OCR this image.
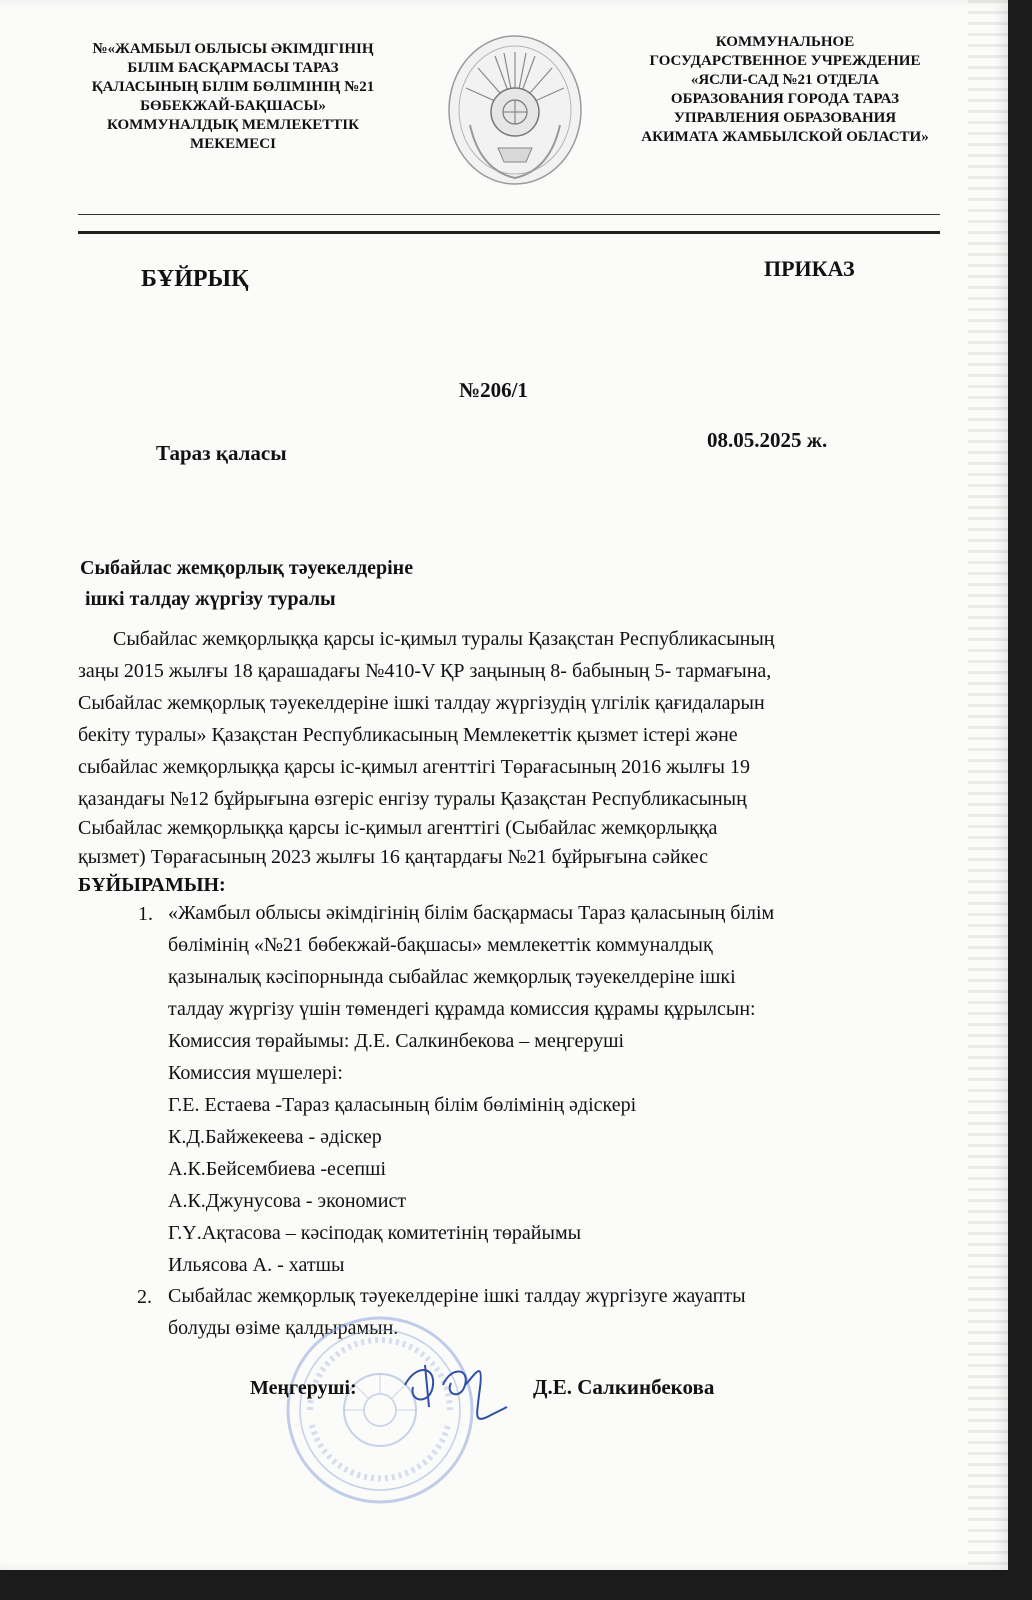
№«ЖАМБЫЛ ОБЛЫСЫ ӘКІМДІГІНІҢ
БІЛІМ БАСҚАРМАСЫ ТАРАЗ
ҚАЛАСЫНЫҢ БІЛІМ БӨЛІМІНІҢ №21
БӨБЕКЖАЙ-БАҚШАСЫ»
КОММУНАЛДЫҚ МЕМЛЕКЕТТІК
МЕКЕМЕСІ
КОММУНАЛЬНОЕ
ГОСУДАРСТВЕННОЕ УЧРЕЖДЕНИЕ
«ЯСЛИ-САД №21 ОТДЕЛА
ОБРАЗОВАНИЯ ГОРОДА ТАРАЗ
УПРАВЛЕНИЯ ОБРАЗОВАНИЯ
АКИМАТА ЖАМБЫЛСКОЙ ОБЛАСТИ»
БҰЙРЫҚ	ПРИКАЗ
№206/1
Тараз қаласы
08.05.2025 ж.
Сыбайлас жемқорлық тәуекелдеріне
ішкі талдау жүргізу туралы
Сыбайлас жемқорлыққа қарсы іс-қимыл туралы Қазақстан Республикасының
заңы 2015 жылғы 18 қарашадағы №410-V ҚР заңының 8- бабының 5- тармағына,
Сыбайлас жемқорлық тәуекелдеріне ішкі талдау жүргізудің үлгілік қағидаларын
бекіту туралы» Қазақстан Республикасының Мемлекеттік қызмет істері және
сыбайлас жемқорлыққа қарсы іс-қимыл агенттігі Төрағасының 2016 жылғы 19
қазандағы №12 бұйрығына өзгеріс енгізу туралы Қазақстан Республикасының
Сыбайлас жемқорлыққа қарсы іс-қимыл агенттігі (Сыбайлас жемқорлыққа
қызмет) Төрағасының 2023 жылғы 16 қаңтардағы №21 бұйрығына сәйкес
БҰЙЫРАМЫН:
1. «Жамбыл облысы әкімдігінің білім басқармасы Тараз қаласының білім
бөлімінің «№21 бөбекжай-бақшасы» мемлекеттік коммуналдық
қазыналық кәсіпорнында сыбайлас жемқорлық тәуекелдеріне ішкі
талдау жүргізу үшін төмендегі құрамда комиссия құрамы құрылсын:
Комиссия төрайымы: Д.Е. Салкинбекова – меңгеруші
Комиссия мүшелері:
Г.Е. Естаева -Тараз қаласының білім бөлімінің әдіскері
К.Д.Байжекеева - әдіскер
А.К.Бейсембиева -есепші
А.К.Джунусова - экономист
Г.Ү.Ақтасова – кәсіподақ комитетінің төрайымы
Ильясова А. - хатшы
2. Сыбайлас жемқорлық тәуекелдеріне ішкі талдау жүргізуге жауапты
болуды өзіме қалдырамын.
Меңгеруші:	Д.Е. Салкинбекова
